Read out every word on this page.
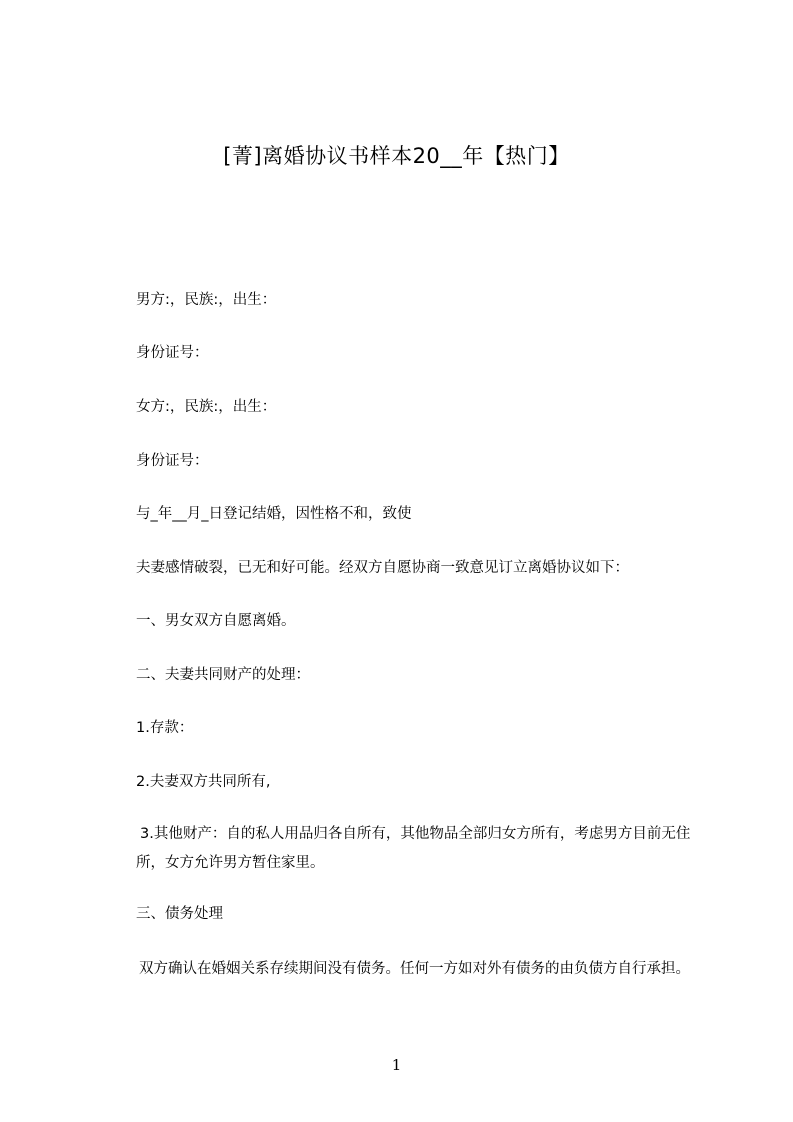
[菁]离婚协议书样本20__年【热门】
男方:，民族:，出生：
身份证号：
女方:，民族:，出生：
身份证号：
与_年__月_日登记结婚，因性格不和，致使
夫妻感情破裂，已无和好可能。经双方自愿协商一致意见订立离婚协议如下：
一、男女双方自愿离婚。
二、夫妻共同财产的处理：
1.存款：
2.夫妻双方共同所有,
3.其他财产：自的私人用品归各自所有，其他物品全部归女方所有，考虑男方目前无住所，女方允许男方暂住家里。
三、债务处理
双方确认在婚姻关系存续期间没有债务。任何一方如对外有债务的由负债方自行承担。
1
